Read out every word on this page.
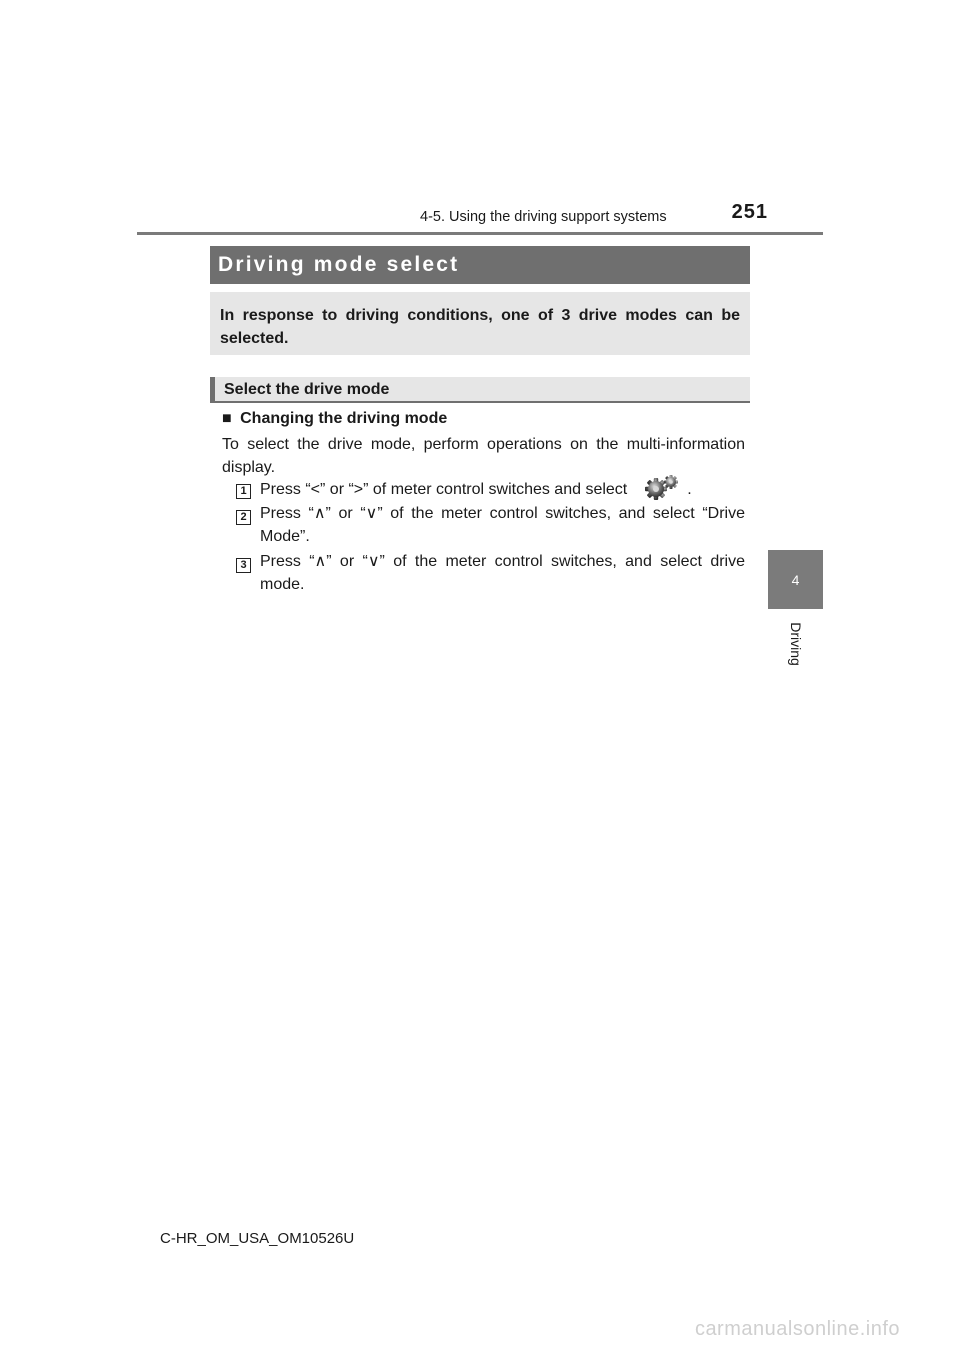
4-5. Using the driving support systems	251
4
Driving
Driving mode select
In response to driving conditions, one of 3 drive modes can be selected.
Select the drive mode
■ Changing the driving mode
To select the drive mode, perform operations on the multi-information display.
1 Press “<” or “>” of meter control switches and select	.
2 Press “∧” or “∨” of the meter control switches, and select “Drive Mode”.
3 Press “∧” or “∨” of the meter control switches, and select drive mode.
C-HR_OM_USA_OM10526U
carmanualsonline.info
